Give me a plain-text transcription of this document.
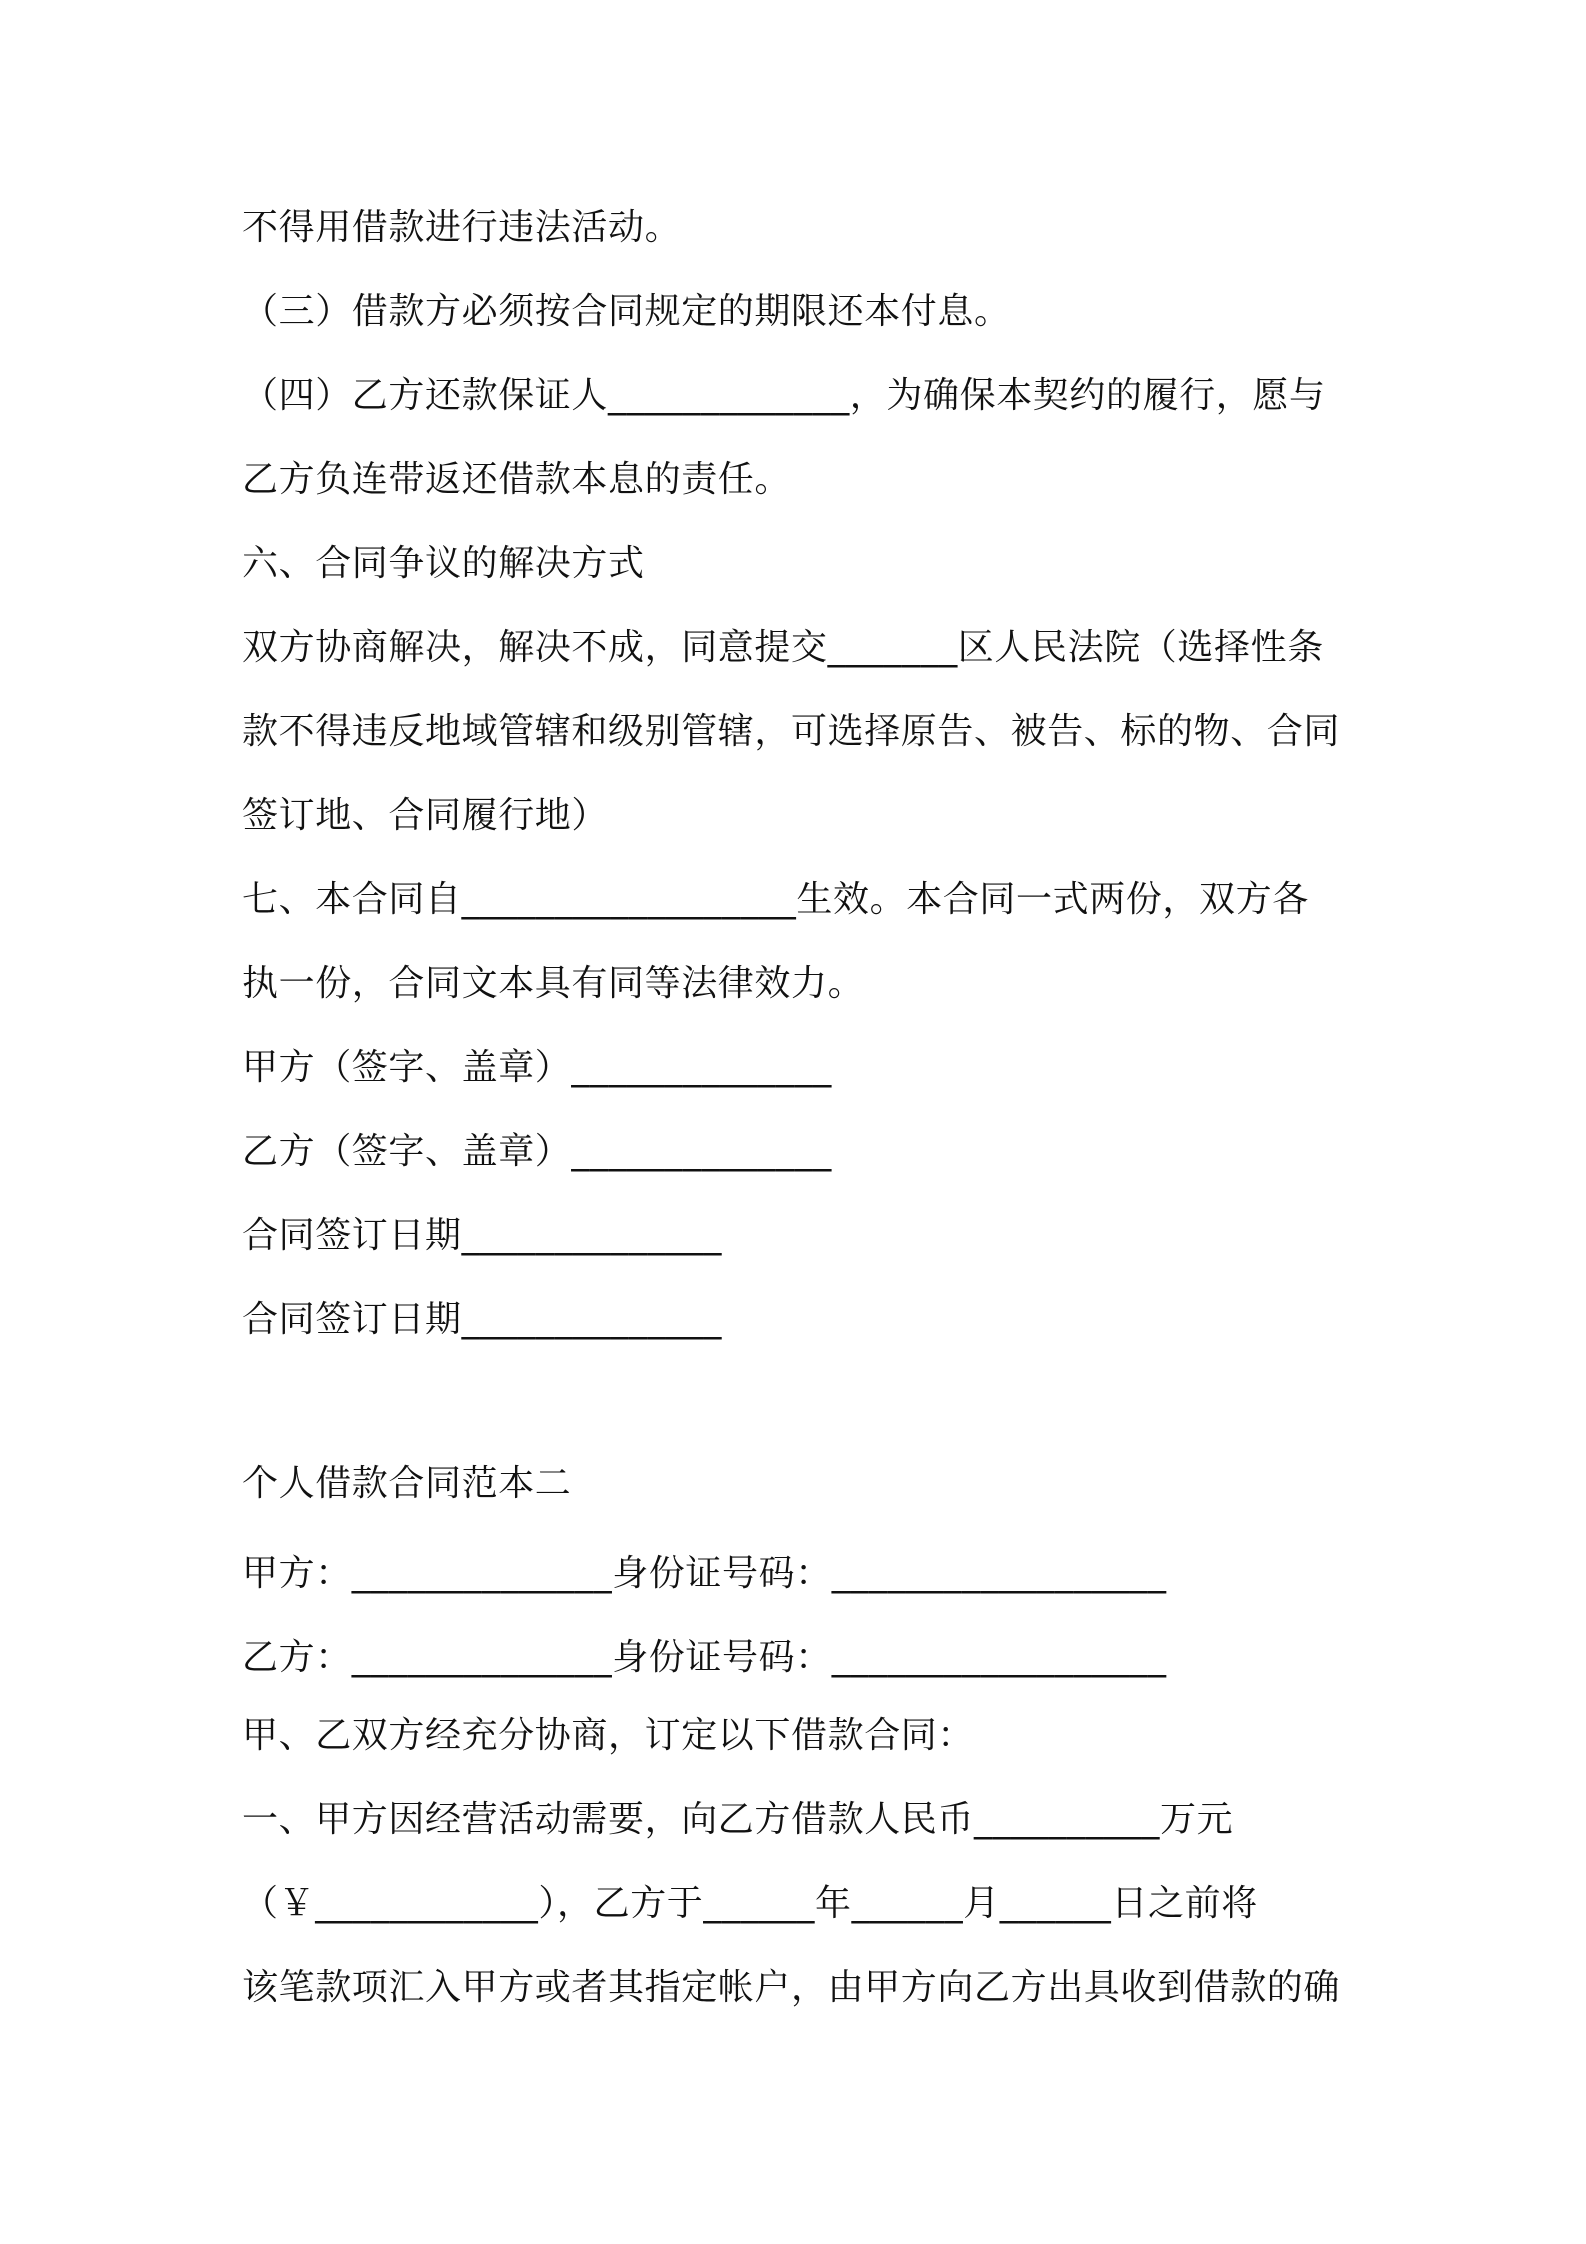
不得用借款进行违法活动。
（三）借款方必须按合同规定的期限还本付息。
（四）乙方还款保证人_____________，为确保本契约的履行，愿与
乙方负连带返还借款本息的责任。
六、合同争议的解决方式
双方协商解决，解决不成，同意提交_______区人民法院（选择性条
款不得违反地域管辖和级别管辖，可选择原告、被告、标的物、合同
签订地、合同履行地）
七、本合同自__________________生效。本合同一式两份，双方各
执一份，合同文本具有同等法律效力。
甲方（签字、盖章）______________
乙方（签字、盖章）______________
合同签订日期______________
合同签订日期______________
个人借款合同范本二
甲方：______________身份证号码：__________________
乙方：______________身份证号码：__________________
甲、乙双方经充分协商，订定以下借款合同：
一、甲方因经营活动需要，向乙方借款人民币__________万元
（￥____________），乙方于______年______月______日之前将
该笔款项汇入甲方或者其指定帐户，由甲方向乙方出具收到借款的确
